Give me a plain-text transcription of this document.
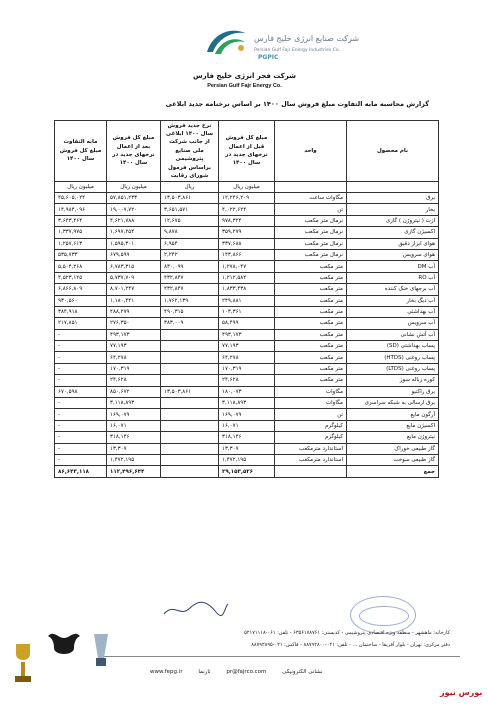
شرکت صنایع انرژی خلیج فارس
Persian Gulf Fajr Energy Industries Co.
PGPIC
شرکت فجر انرژی خلیج فارس
Persian Gulf Fajr Energy Co.
گزارش محاسبه مابه التفاوت مبلغ فروش سال ۱۴۰۰ بر اساس نرخنامه جدید ابلاغی
نام محصول	واحد	مبلغ کل فروش قبل از اعمال نرخهای جدید در سال ۱۴۰۰	نرخ جدید فروش سال ۱۴۰۰ ابلاغی از جانب شرکت ملی صنایع پتروشیمی براساس فرمول شورای رقابت	مبلغ کل فروش بعد از اعمال نرخهای جدید در سال ۱۴۰۰	مابه التفاوت مبلغ کل فروش سال ۱۴۰۰
		میلیون ریال	ریال	میلیون ریال	میلیون ریال
برق	مگاوات ساعت	۱۲,۲۴۶,۲۰۹	۱۳,۵۰۳,۸۶۱	۵۷,۸۵۱,۲۳۳	۴۵,۶۰۵,۰۲۴
بخار	تن	۴,۰۲۲,۶۲۴	۳,۶۵۱,۵۷۱	۱۹,۰۰۷,۷۲۰	۱۴,۹۸۴,۰۹۶
ازت ( نیتروژن ) گازی	نرمال متر مکعب	۹۷۸,۳۲۴	۱۲,۶۷۵	۴,۶۲۱,۷۸۸	۳,۶۴۳,۴۶۴
اکسیژن گازی	نرمال متر مکعب	۳۵۹,۲۷۹	۹,۸۷۸	۱,۶۹۷,۲۵۴	۱,۳۳۷,۹۷۵
هوای ابزار دقیق	نرمال متر مکعب	۳۳۷,۶۸۸	۶,۹۵۴	۱,۵۹۵,۳۰۱	۱,۲۵۷,۶۱۳
هوای سرویس	نرمال متر مکعب	۱۴۳,۸۶۶	۲,۲۴۲	۶۷۹,۵۹۹	۵۳۵,۷۳۳
آب DM	متر مکعب	۱,۲۷۸,۰۴۷	۸۳۰,۰۹۹	۶,۷۸۳,۳۱۵	۵,۵۰۴,۲۶۸
آب RO	متر مکعب	۱,۲۱۲,۵۸۴	۴۳۲,۸۴۷	۵,۷۳۷,۷۰۹	۴,۵۲۳,۱۲۵
آب برجهای خنک کننده	متر مکعب	۱,۸۳۳,۴۳۸	۴۳۲,۸۴۷	۸,۷۰۱,۲۴۷	۶,۸۶۶,۸۰۹
آب دیگ بخار	متر مکعب	۲۴۹,۸۸۱	۱,۷۶۲,۱۳۹	۱,۱۸۰,۴۴۱	۹۳۰,۵۶۰
آب بهداشتی	متر مکعب	۱۰۳,۳۶۱	۴۹۰,۳۱۵	۴۸۸,۲۷۹	۳۸۴,۹۱۸
آب سرویس	متر مکعب	۵۸,۴۹۹	۳۸۳,۰۰۹	۲۷۶,۳۵۰	۲۱۷,۸۵۱
آب آتش نشانی	متر مکعب	۴۹۳,۱۷۳		۴۹۳,۱۷۳	-
پساب بهداشتی (SD)	متر مکعب	۷۷,۱۹۳		۷۷,۱۹۳	-
پساب روغنی (HTDS)	متر مکعب	۶۴,۲۷۸		۶۴,۲۷۸	-
پساب روغنی (LTDS)	متر مکعب	۱۷۰,۳۱۹		۱۷۰,۳۱۹	-
کوره زباله سوز	متر مکعب	۲۴,۶۲۸		۲۴,۶۲۸	-
برق راکتیو	مگاوات	۱۸۰,۰۷۳	۱۳,۵۰۳,۸۶۱	۸۵۰,۶۷۲	۶۷۰,۵۹۸
برق ارسالی به شبکه سراسری	مگاوات	۳,۱۱۸,۸۹۳		۳,۱۱۸,۸۹۳	-
آرگون مایع	تن	۱۶۹,۰۷۹		۱۶۹,۰۷۹	-
اکسیژن مایع	کیلوگرم	۱۶,۰۷۱		۱۶,۰۷۱	-
نیتروژن مایع	کیلوگرم	۳۱۸,۱۴۶		۳۱۸,۱۴۶	-
گاز طبیعی خوراک	استاندارد مترمکعب	۱۳,۳۰۷		۱۳,۳۰۷	-
گاز طبیعی سوخت	استاندارد مترمکعب	۱,۴۷۲,۱۹۵		۱,۴۷۲,۱۹۵	-
جمع		۲۹,۱۵۳,۵۲۶		۱۱۲,۴۹۶,۶۴۴	۸۶,۶۴۳,۱۱۸
کارخانه: ماهشهر - منطقه ویژه اقتصادی پتروشیمی - کدپستی: ۶۳۵۶۱۷۸۷۶۱ - تلفن: ۰۶۱-۵۲۱۷۱۱۱۸
دفتر مرکزی: تهران - بلوار آفریقا - ساختمان ... - تلفن: ۰۲۱-۸۸۷۹۲۸۰۰ - فاکس: ۰۲۱-۸۸۷۹۲۸۹۵
www.fepg.ir	تارنما	pr@fajrco.com	نشانی الکترونیکی
بورس نیوز
